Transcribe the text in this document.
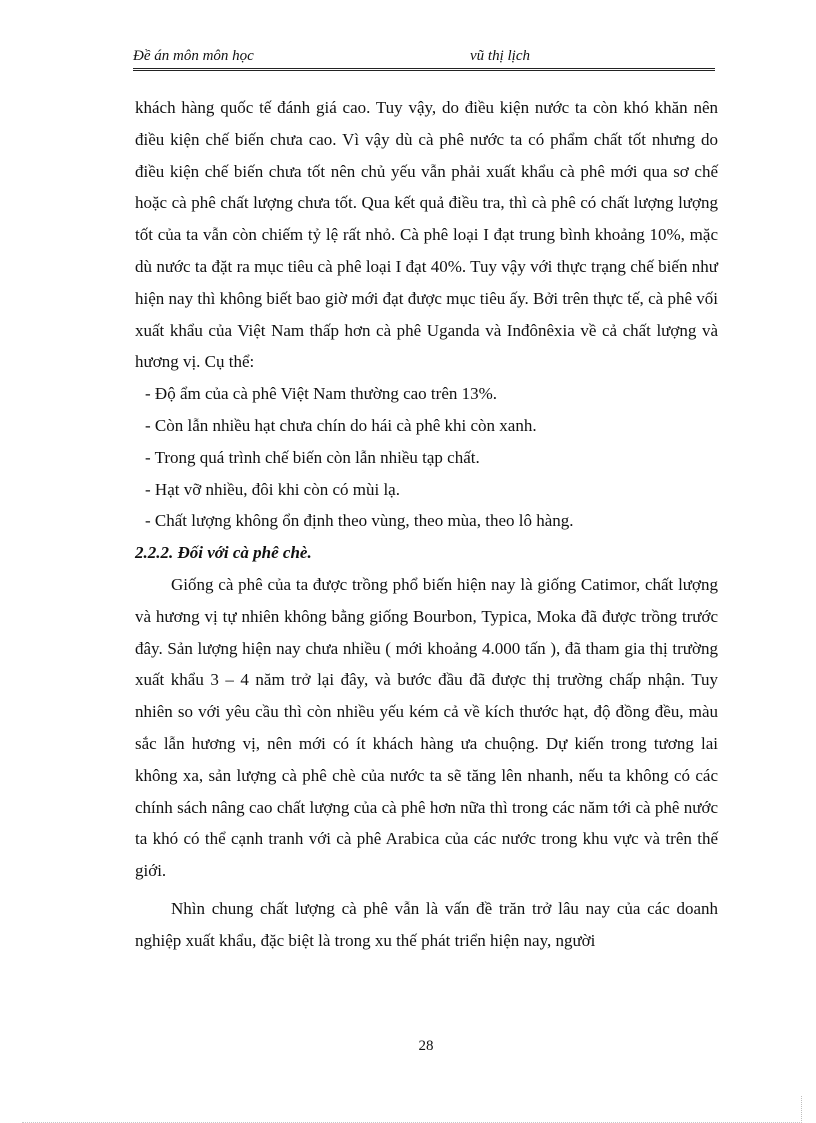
Đề án môn môn học	vũ thị lịch

khách hàng quốc tế đánh giá cao. Tuy vậy, do điều kiện nước ta còn khó khăn nên điều kiện chế biến chưa cao. Vì vậy dù cà phê nước ta có phẩm chất tốt nhưng do điều kiện chế biến chưa tốt nên chủ yếu vẫn phải xuất khẩu cà phê mới qua sơ chế hoặc cà phê chất lượng chưa tốt. Qua kết quả điều tra, thì cà phê có chất lượng lượng tốt của ta vẫn còn chiếm tỷ lệ rất nhỏ. Cà phê loại I đạt trung bình khoảng 10%, mặc dù nước ta đặt ra mục tiêu cà phê loại I đạt 40%. Tuy vậy với thực trạng chế biến như hiện nay thì không biết bao giờ mới đạt được mục tiêu ấy. Bởi trên thực tế, cà phê vối xuất khẩu của Việt Nam thấp hơn cà phê Uganda và Inđônêxia về cả chất lượng và hương vị. Cụ thể:

- Độ ẩm của cà phê Việt Nam thường cao trên 13%.

- Còn lẫn nhiều hạt chưa chín do hái cà phê khi còn xanh.

- Trong quá trình chế biến còn lẫn nhiều tạp chất.

- Hạt vỡ nhiều, đôi khi còn có mùi lạ.

- Chất lượng không ổn định theo vùng, theo mùa, theo lô hàng.

2.2.2. Đối với cà phê chè.

Giống cà phê của ta được trồng phổ biến hiện nay là giống Catimor, chất lượng và hương vị tự nhiên không bằng giống Bourbon, Typica, Moka đã được trồng trước đây. Sản lượng hiện nay chưa nhiều ( mới khoảng 4.000 tấn ), đã tham gia thị trường xuất khẩu 3 – 4 năm trở lại đây, và bước đầu đã được thị trường chấp nhận. Tuy nhiên so với yêu cầu thì còn nhiều yếu kém cả về kích thước hạt, độ đồng đều, màu sắc lẫn hương vị, nên mới có ít khách hàng ưa chuộng. Dự kiến trong tương lai không xa, sản lượng cà phê chè của nước ta sẽ tăng lên nhanh, nếu ta không có các chính sách nâng cao chất lượng của cà phê hơn nữa thì trong các năm tới cà phê nước ta khó có thể cạnh tranh với cà phê Arabica của các nước trong khu vực và trên thế giới.

Nhìn chung chất lượng cà phê vẫn là vấn đề trăn trở lâu nay của các doanh nghiệp xuất khẩu, đặc biệt là trong xu thế phát triển hiện nay, người

28
